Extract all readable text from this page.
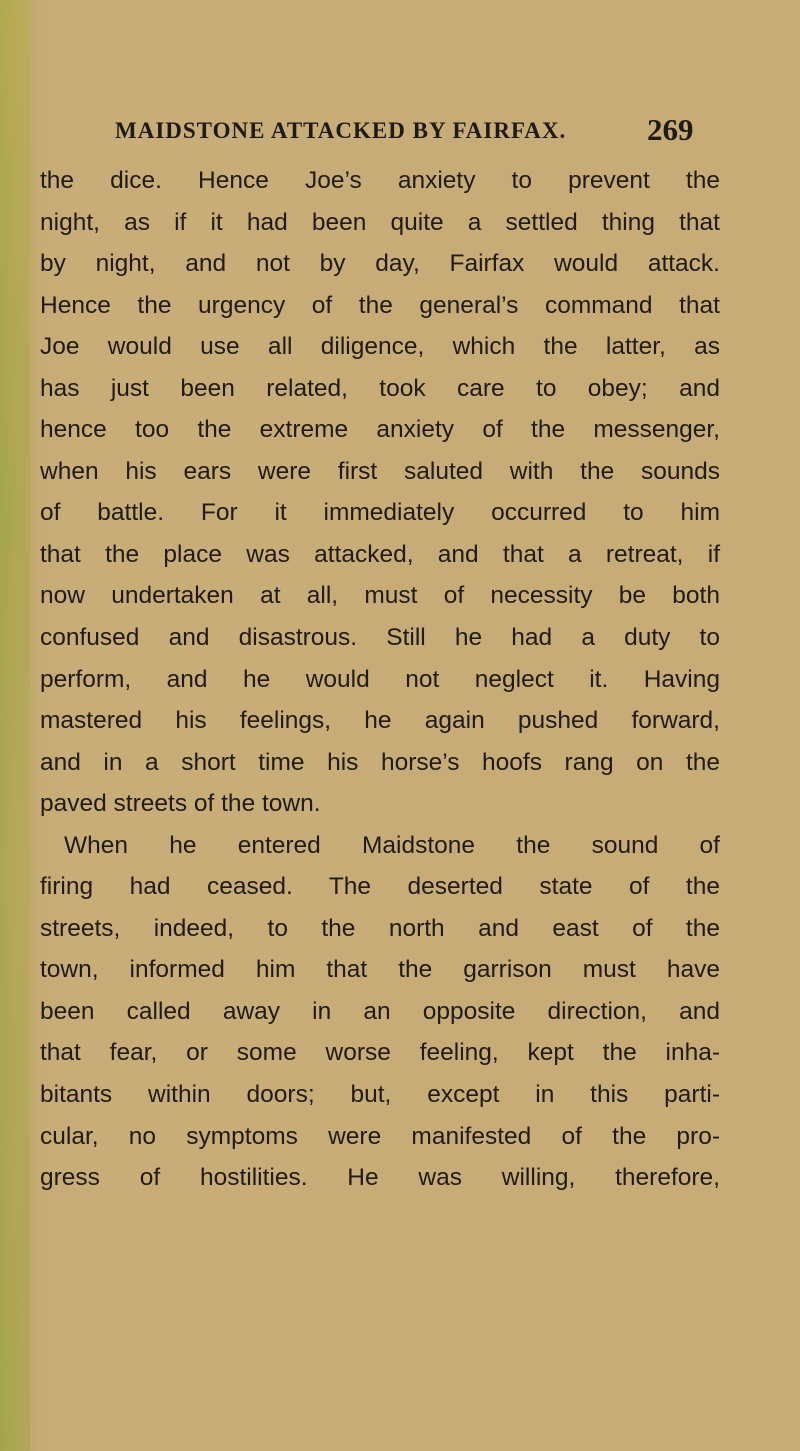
MAIDSTONE ATTACKED BY FAIRFAX.	269
the dice. Hence Joe’s anxiety to prevent the
night, as if it had been quite a settled thing that
by night, and not by day, Fairfax would attack.
Hence the urgency of the general’s command that
Joe would use all diligence, which the latter, as
has just been related, took care to obey; and
hence too the extreme anxiety of the messenger,
when his ears were first saluted with the sounds
of battle. For it immediately occurred to him
that the place was attacked, and that a retreat, if
now undertaken at all, must of necessity be both
confused and disastrous. Still he had a duty to
perform, and he would not neglect it. Having
mastered his feelings, he again pushed forward,
and in a short time his horse’s hoofs rang on the
paved streets of the town.
When he entered Maidstone the sound of
firing had ceased. The deserted state of the
streets, indeed, to the north and east of the
town, informed him that the garrison must have
been called away in an opposite direction, and
that fear, or some worse feeling, kept the inha-
bitants within doors; but, except in this parti-
cular, no symptoms were manifested of the pro-
gress of hostilities. He was willing, therefore,
